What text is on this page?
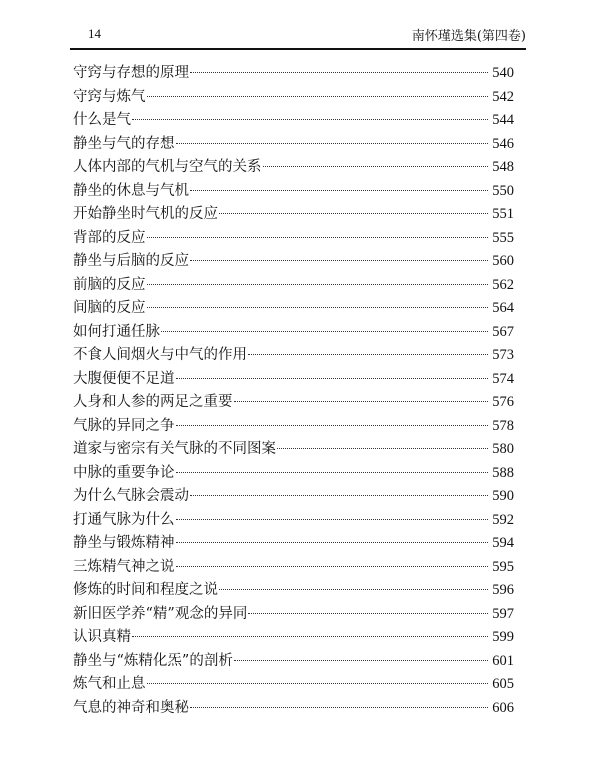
14	南怀瑾选集(第四卷)
守窍与存想的原理	540
守窍与炼气	542
什么是气	544
静坐与气的存想	546
人体内部的气机与空气的关系	548
静坐的休息与气机	550
开始静坐时气机的反应	551
背部的反应	555
静坐与后脑的反应	560
前脑的反应	562
间脑的反应	564
如何打通任脉	567
不食人间烟火与中气的作用	573
大腹便便不足道	574
人身和人参的两足之重要	576
气脉的异同之争	578
道家与密宗有关气脉的不同图案	580
中脉的重要争论	588
为什么气脉会震动	590
打通气脉为什么	592
静坐与锻炼精神	594
三炼精气神之说	595
修炼的时间和程度之说	596
新旧医学养“精”观念的异同	597
认识真精	599
静坐与“炼精化炁”的剖析	601
炼气和止息	605
气息的神奇和奥秘	606
